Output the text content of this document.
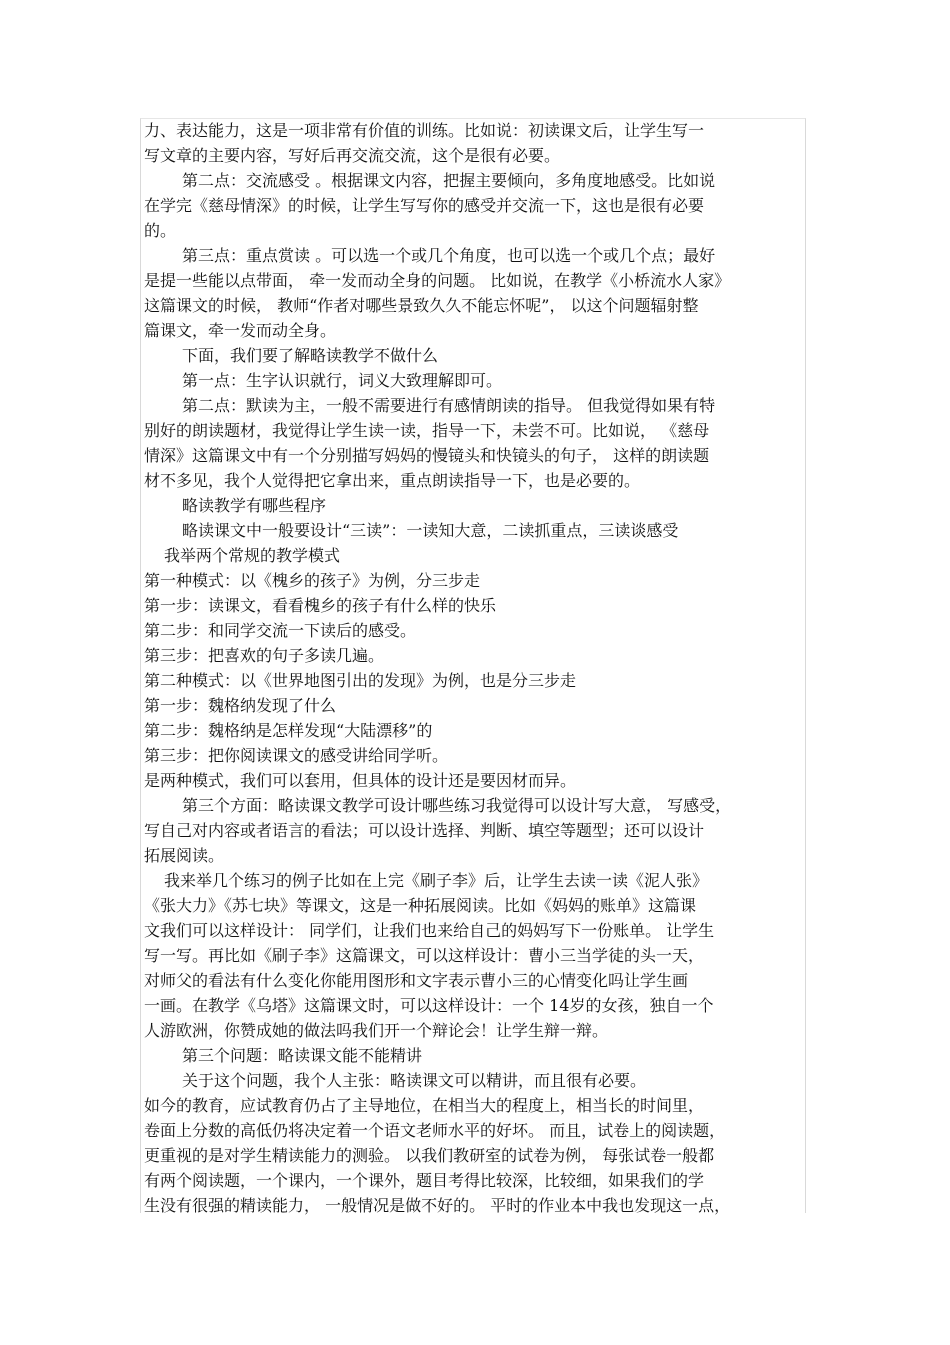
力、表达能力，这是一项非常有价值的训练。比如说：初读课文后，让学生写一
写文章的主要内容，写好后再交流交流，这个是很有必要。
第二点：交流感受 。根据课文内容，把握主要倾向，多角度地感受。比如说
在学完《慈母情深》的时候，让学生写写你的感受并交流一下，这也是很有必要
的。
第三点：重点赏读 。可以选一个或几个角度，也可以选一个或几个点；最好
是提一些能以点带面， 牵一发而动全身的问题。 比如说，在教学《小桥流水人家》
这篇课文的时候， 教师“作者对哪些景致久久不能忘怀呢”， 以这个问题辐射整
篇课文，牵一发而动全身。
下面，我们要了解略读教学不做什么
第一点：生字认识就行，词义大致理解即可。
第二点：默读为主，一般不需要进行有感情朗读的指导。 但我觉得如果有特
别好的朗读题材，我觉得让学生读一读，指导一下，未尝不可。比如说， 《慈母
情深》这篇课文中有一个分别描写妈妈的慢镜头和快镜头的句子， 这样的朗读题
材不多见，我个人觉得把它拿出来，重点朗读指导一下，也是必要的。
略读教学有哪些程序
略读课文中一般要设计“三读”：一读知大意，二读抓重点，三读谈感受
我举两个常规的教学模式
第一种模式：以《槐乡的孩子》为例，分三步走
第一步：读课文，看看槐乡的孩子有什么样的快乐
第二步：和同学交流一下读后的感受。
第三步：把喜欢的句子多读几遍。
第二种模式：以《世界地图引出的发现》为例，也是分三步走
第一步：魏格纳发现了什么
第二步：魏格纳是怎样发现“大陆漂移”的
第三步：把你阅读课文的感受讲给同学听。
是两种模式，我们可以套用，但具体的设计还是要因材而异。
第三个方面：略读课文教学可设计哪些练习我觉得可以设计写大意， 写感受，
写自己对内容或者语言的看法；可以设计选择、判断、填空等题型；还可以设计
拓展阅读。
我来举几个练习的例子比如在上完《刷子李》后，让学生去读一读《泥人张》
《张大力》《苏七块》等课文，这是一种拓展阅读。比如《妈妈的账单》这篇课
文我们可以这样设计： 同学们，让我们也来给自己的妈妈写下一份账单。 让学生
写一写。再比如《刷子李》这篇课文，可以这样设计：曹小三当学徒的头一天，
对师父的看法有什么变化你能用图形和文字表示曹小三的心情变化吗让学生画
一画。在教学《乌塔》这篇课文时，可以这样设计：一个 14岁的女孩，独自一个
人游欧洲，你赞成她的做法吗我们开一个辩论会！让学生辩一辩。
第三个问题：略读课文能不能精讲
关于这个问题，我个人主张：略读课文可以精讲，而且很有必要。
如今的教育，应试教育仍占了主导地位，在相当大的程度上，相当长的时间里，
卷面上分数的高低仍将决定着一个语文老师水平的好坏。 而且，试卷上的阅读题，
更重视的是对学生精读能力的测验。 以我们教研室的试卷为例， 每张试卷一般都
有两个阅读题，一个课内，一个课外，题目考得比较深，比较细，如果我们的学
生没有很强的精读能力， 一般情况是做不好的。 平时的作业本中我也发现这一点，
